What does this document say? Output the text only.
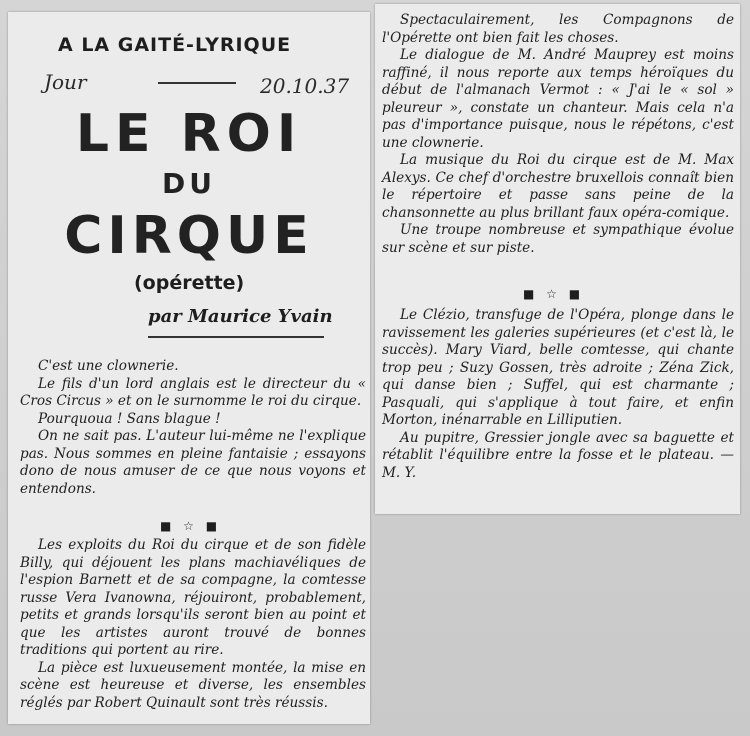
A LA GAITÉ-LYRIQUE
Jour	20.10.37
LE ROI
DU
CIRQUE
(opérette)
par Maurice Yvain

C'est une clownerie.

Le fils d'un lord anglais est le directeur du « Cros Circus » et on le surnomme le roi du cirque.

Pourquoua ! Sans blague !

On ne sait pas. L'auteur lui-même ne l'explique pas. Nous sommes en pleine fantaisie ; essayons dono de nous amuser de ce que nous voyons et entendons.

■ ☆ ■

Les exploits du Roi du cirque et de son fidèle Billy, qui déjouent les plans machiavéliques de l'espion Barnett et de sa compagne, la comtesse russe Vera Ivanowna, réjouiront, probablement, petits et grands lorsqu'ils seront bien au point et que les artistes auront trouvé de bonnes traditions qui portent au rire.

La pièce est luxueusement montée, la mise en scène est heureuse et diverse, les ensembles réglés par Robert Quinault sont très réussis.

Spectaculairement, les Compagnons de l'Opérette ont bien fait les choses.

Le dialogue de M. André Mauprey est moins raffiné, il nous reporte aux temps héroïques du début de l'almanach Vermot : « J'ai le « sol » pleureur », constate un chanteur. Mais cela n'a pas d'importance puisque, nous le répétons, c'est une clownerie.

La musique du Roi du cirque est de M. Max Alexys. Ce chef d'orchestre bruxellois connaît bien le répertoire et passe sans peine de la chansonnette au plus brillant faux opéra-comique.

Une troupe nombreuse et sympathique évolue sur scène et sur piste.

■ ☆ ■

Le Clézio, transfuge de l'Opéra, plonge dans le ravissement les galeries supérieures (et c'est là, le succès). Mary Viard, belle comtesse, qui chante trop peu ; Suzy Gossen, très adroite ; Zéna Zick, qui danse bien ; Suffel, qui est charmante ; Pasquali, qui s'applique à tout faire, et enfin Morton, inénarrable en Lilliputien.

Au pupitre, Gressier jongle avec sa baguette et rétablit l'équilibre entre la fosse et le plateau. — M. Y.
